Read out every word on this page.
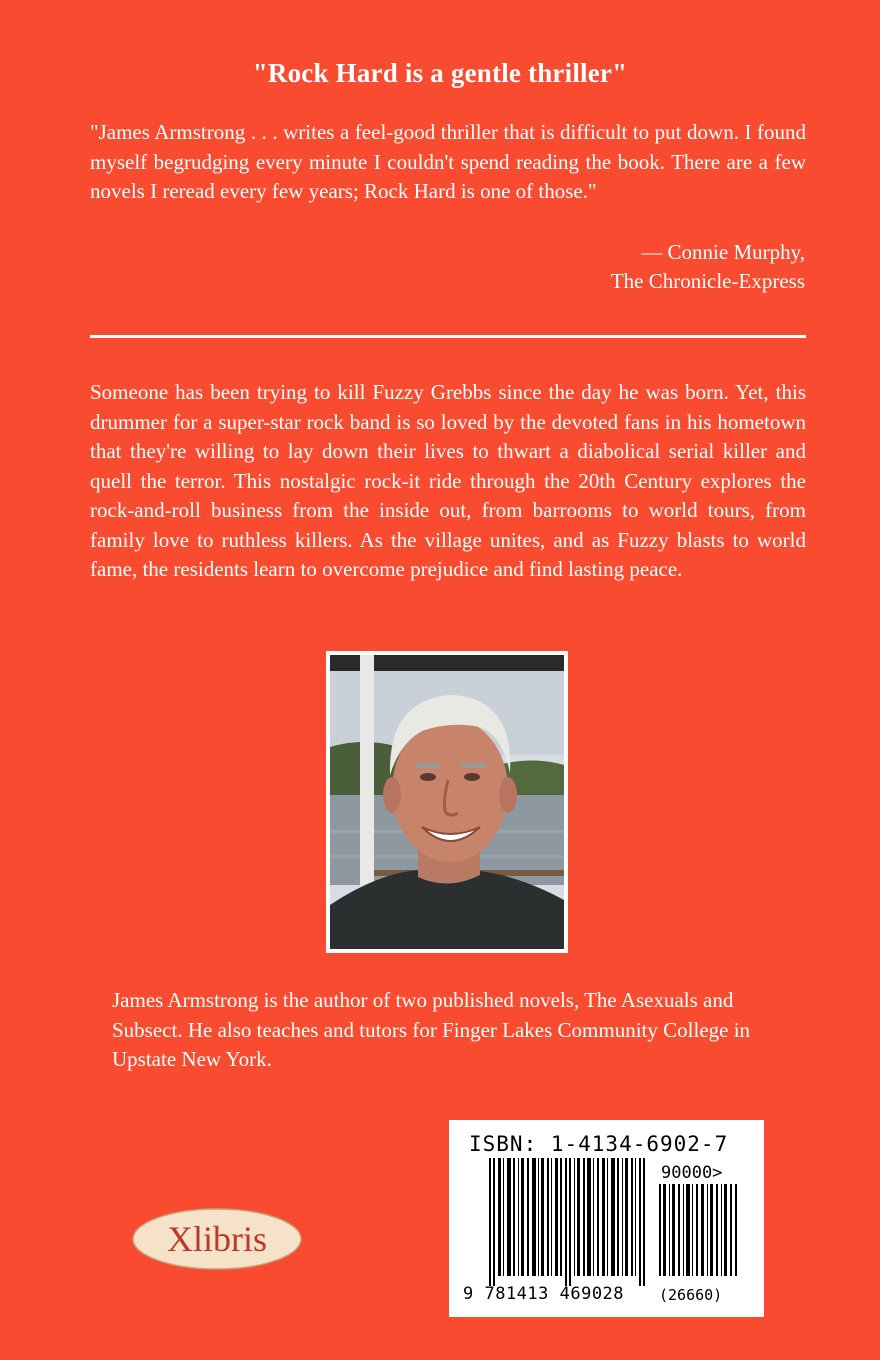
"Rock Hard is a gentle thriller"
"James Armstrong . . . writes a feel-good thriller that is difficult to put down. I found myself begrudging every minute I couldn't spend reading the book. There are a few novels I reread every few years; Rock Hard is one of those."
— Connie Murphy,
The Chronicle-Express
Someone has been trying to kill Fuzzy Grebbs since the day he was born. Yet, this drummer for a super-star rock band is so loved by the devoted fans in his hometown that they're willing to lay down their lives to thwart a diabolical serial killer and quell the terror. This nostalgic rock-it ride through the 20th Century explores the rock-and-roll business from the inside out, from barrooms to world tours, from family love to ruthless killers. As the village unites, and as Fuzzy blasts to world fame, the residents learn to overcome prejudice and find lasting peace.
James Armstrong is the author of two published novels, The Asexuals and Subsect. He also teaches and tutors for Finger Lakes Community College in Upstate New York.
Xlibris
ISBN: 1-4134-6902-7
90000>
9 781413 469028 (26660)
